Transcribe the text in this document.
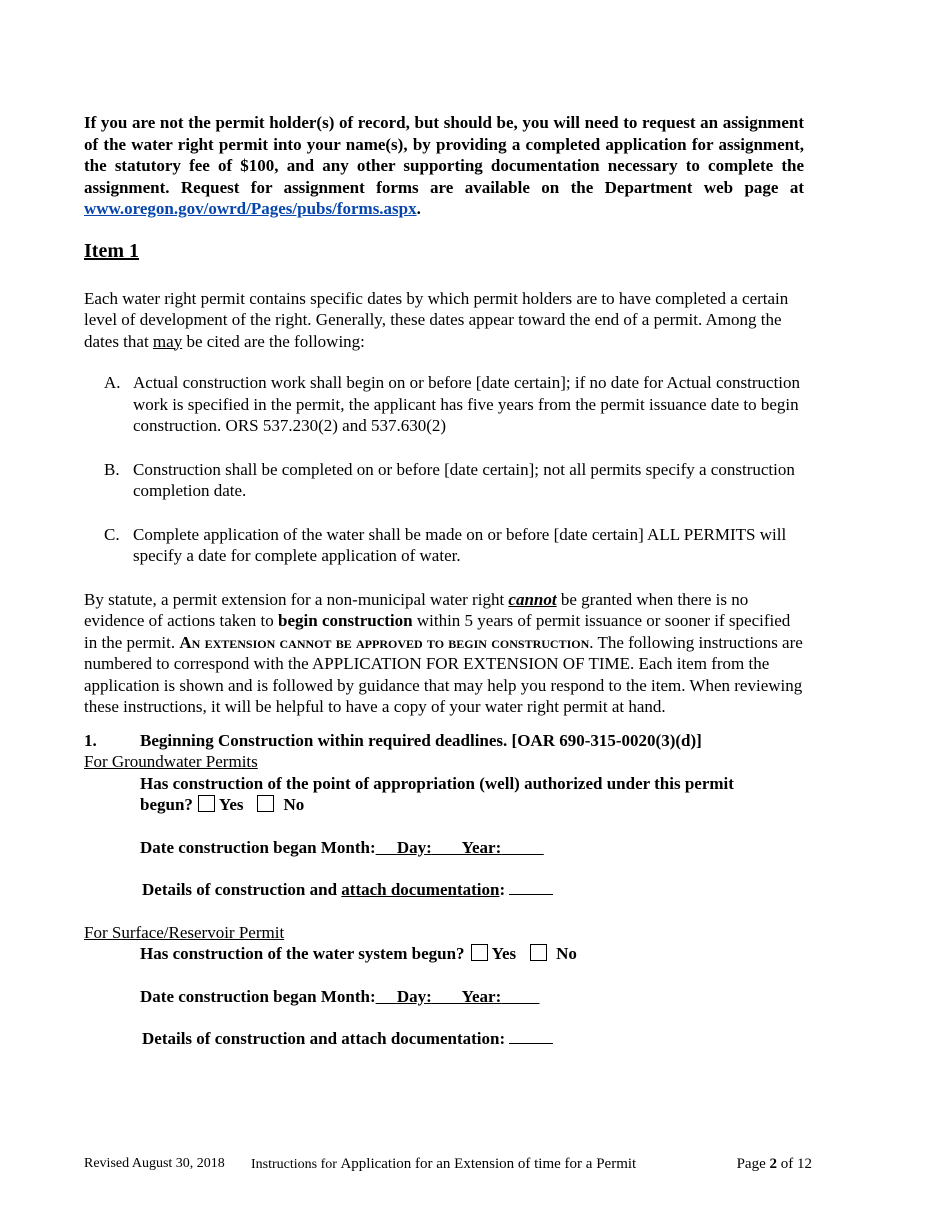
If you are not the permit holder(s) of record, but should be, you will need to request an assignment of the water right permit into your name(s), by providing a completed application for assignment, the statutory fee of $100, and any other supporting documentation necessary to complete the assignment. Request for assignment forms are available on the Department web page at www.oregon.gov/owrd/Pages/pubs/forms.aspx.

Item 1

Each water right permit contains specific dates by which permit holders are to have completed a certain level of development of the right. Generally, these dates appear toward the end of a permit. Among the dates that may be cited are the following:

A. Actual construction work shall begin on or before [date certain]; if no date for Actual construction work is specified in the permit, the applicant has five years from the permit issuance date to begin construction. ORS 537.230(2) and 537.630(2)
B. Construction shall be completed on or before [date certain]; not all permits specify a construction completion date.
C. Complete application of the water shall be made on or before [date certain] ALL PERMITS will specify a date for complete application of water.

By statute, a permit extension for a non-municipal water right cannot be granted when there is no evidence of actions taken to begin construction within 5 years of permit issuance or sooner if specified in the permit. An extension cannot be approved to begin construction. The following instructions are numbered to correspond with the APPLICATION FOR EXTENSION OF TIME. Each item from the application is shown and is followed by guidance that may help you respond to the item. When reviewing these instructions, it will be helpful to have a copy of your water right permit at hand.

1.	Beginning Construction within required deadlines. [OAR 690-315-0020(3)(d)]
For Groundwater Permits
Has construction of the point of appropriation (well) authorized under this permit
begun? Yes No
Date construction began Month: Day: Year:
Details of construction and attach documentation:
For Surface/Reservoir Permit
Has construction of the water system begun? Yes No
Date construction began Month: Day: Year:
Details of construction and attach documentation:
Revised August 30, 2018	Instructions for Application for an Extension of time for a Permit	Page 2 of 12
